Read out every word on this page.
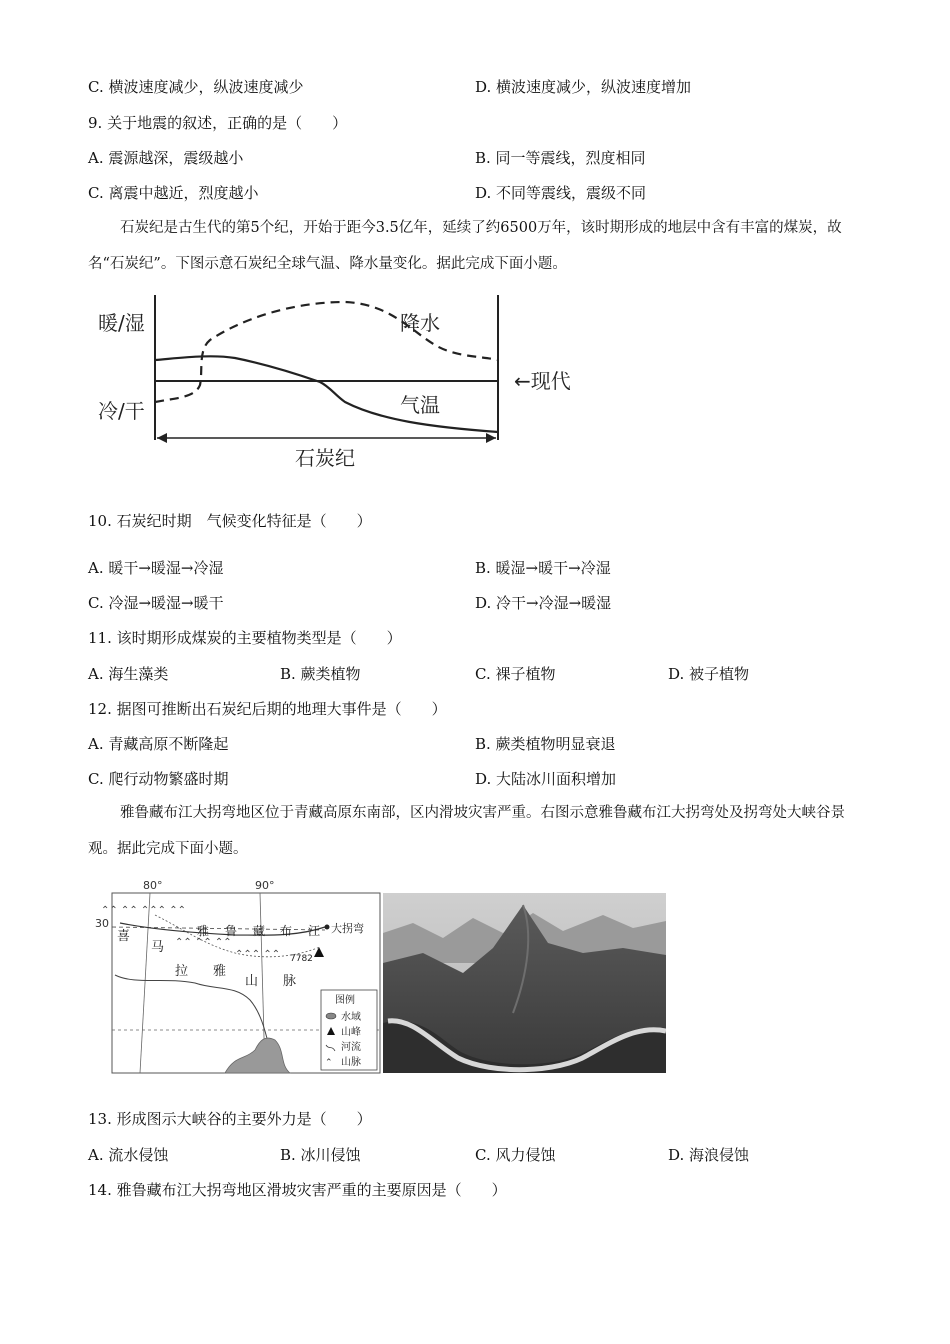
C. 横波速度减少，纵波速度减少	D. 横波速度减少，纵波速度增加
9. 关于地震的叙述，正确的是（　　）
A. 震源越深，震级越小	B. 同一等震线，烈度相同
C. 离震中越近，烈度越小	D. 不同等震线，震级不同
石炭纪是古生代的第5个纪，开始于距今3.5亿年，延续了约6500万年，该时期形成的地层中含有丰富的煤炭，故名“石炭纪”。下图示意石炭纪全球气温、降水量变化。据此完成下面小题。
暖/湿
冷/干
降水
气温
←现代
石炭纪
10. 石炭纪时期　气候变化特征是（　　）
A. 暖干→暖湿→冷湿	B. 暖湿→暖干→冷湿
C. 冷湿→暖湿→暖干	D. 冷干→冷湿→暖湿
11. 该时期形成煤炭的主要植物类型是（　　）
A. 海生藻类	B. 蕨类植物	C. 裸子植物	D. 被子植物
12. 据图可推断出石炭纪后期的地理大事件是（　　）
A. 青藏高原不断隆起	B. 蕨类植物明显衰退
C. 爬行动物繁盛时期	D. 大陆冰川面积增加
雅鲁藏布江大拐弯地区位于青藏高原东南部，区内滑坡灾害严重。右图示意雅鲁藏布江大拐弯处及拐弯处大峡谷景观。据此完成下面小题。
80°	90°
30
⌃⌃ ⌃⌃ ⌃⌃⌃ ⌃⌃
⌃⌃ ⌃⌃ ⌃⌃
⌃⌃⌃ ⌃⌃
雅 鲁 藏 布 江 大拐弯
7782
喜
马
拉 雅
山 脉
图例
水域
山峰
河流
⌃ 山脉
13. 形成图示大峡谷的主要外力是（　　）
A. 流水侵蚀	B. 冰川侵蚀	C. 风力侵蚀	D. 海浪侵蚀
14. 雅鲁藏布江大拐弯地区滑坡灾害严重的主要原因是（　　）
